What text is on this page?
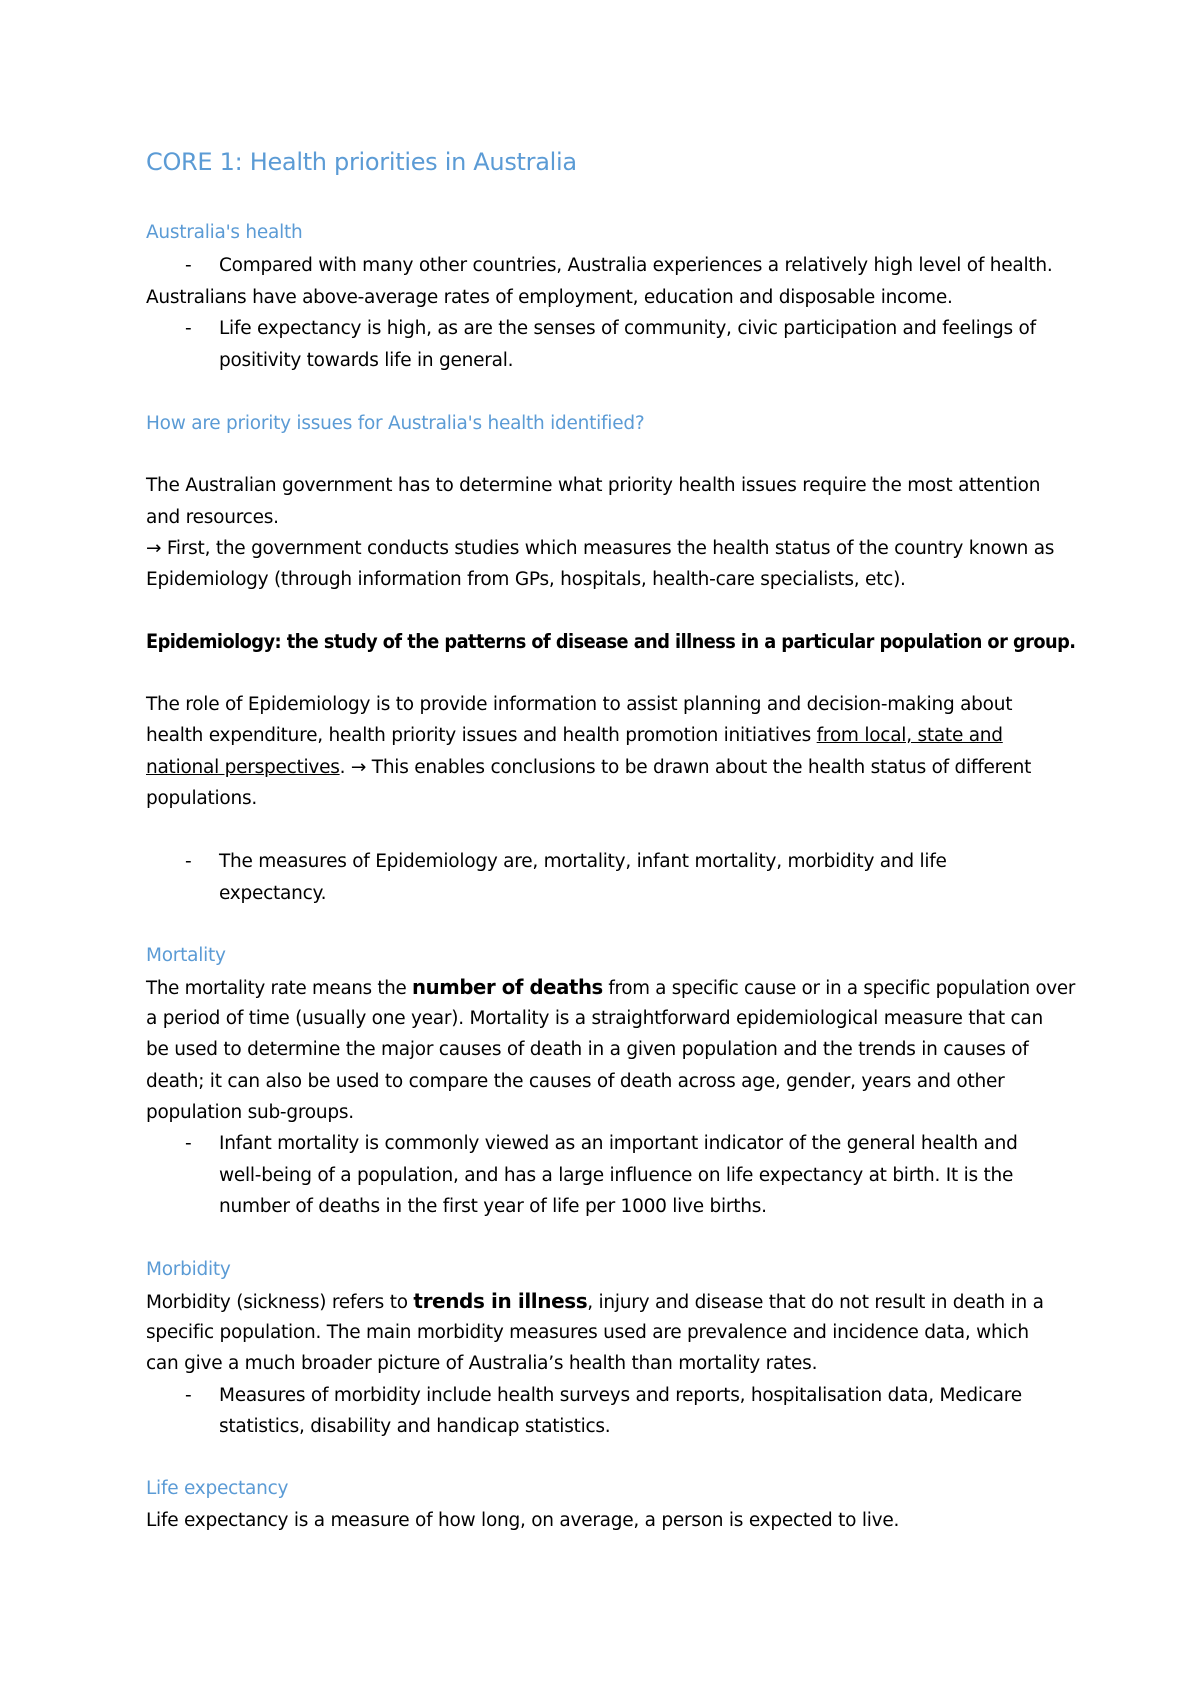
CORE 1: Health priorities in Australia
Australia's health
- Compared with many other countries, Australia experiences a relatively high level of health.
Australians have above-average rates of employment, education and disposable income.
- Life expectancy is high, as are the senses of community, civic participation and feelings of
positivity towards life in general.
How are priority issues for Australia's health identified?
The Australian government has to determine what priority health issues require the most attention
and resources.
→ First, the government conducts studies which measures the health status of the country known as
Epidemiology (through information from GPs, hospitals, health-care specialists, etc).
Epidemiology: the study of the patterns of disease and illness in a particular population or group.
The role of Epidemiology is to provide information to assist planning and decision-making about
health expenditure, health priority issues and health promotion initiatives from local, state and
national perspectives. → This enables conclusions to be drawn about the health status of different
populations.
- The measures of Epidemiology are, mortality, infant mortality, morbidity and life
expectancy.
Mortality
The mortality rate means the number of deaths from a specific cause or in a specific population over
a period of time (usually one year). Mortality is a straightforward epidemiological measure that can
be used to determine the major causes of death in a given population and the trends in causes of
death; it can also be used to compare the causes of death across age, gender, years and other
population sub-groups.
- Infant mortality is commonly viewed as an important indicator of the general health and
well-being of a population, and has a large influence on life expectancy at birth. It is the
number of deaths in the first year of life per 1000 live births.
Morbidity
Morbidity (sickness) refers to trends in illness, injury and disease that do not result in death in a
specific population. The main morbidity measures used are prevalence and incidence data, which
can give a much broader picture of Australia’s health than mortality rates.
- Measures of morbidity include health surveys and reports, hospitalisation data, Medicare
statistics, disability and handicap statistics.
Life expectancy
Life expectancy is a measure of how long, on average, a person is expected to live.
